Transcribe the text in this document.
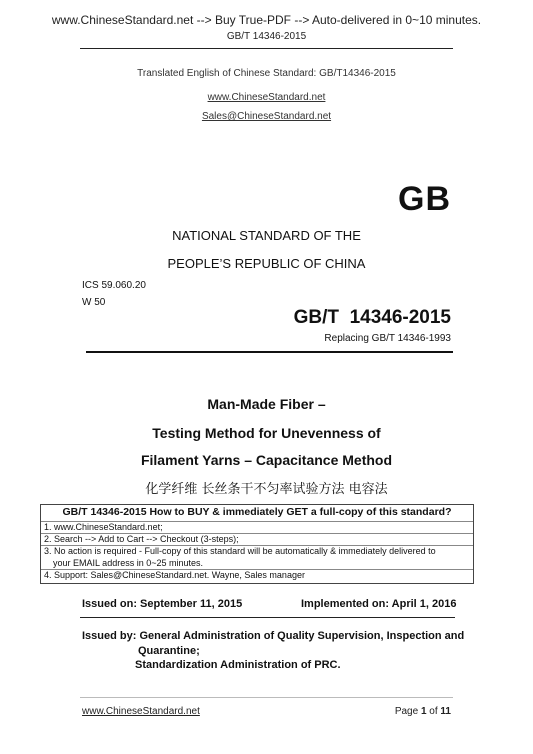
www.ChineseStandard.net --> Buy True-PDF --> Auto-delivered in 0~10 minutes.
GB/T 14346-2015
Translated English of Chinese Standard: GB/T14346-2015
www.ChineseStandard.net
Sales@ChineseStandard.net
GB
NATIONAL STANDARD OF THE
PEOPLE’S REPUBLIC OF CHINA
ICS 59.060.20
W 50
GB/T  14346-2015
Replacing GB/T 14346-1993
Man-Made Fiber –
Testing Method for Unevenness of
Filament Yarns – Capacitance Method
化学纤维 长丝条干不匀率试验方法 电容法
GB/T 14346-2015 How to BUY & immediately GET a full-copy of this standard?
1. www.ChineseStandard.net;
2. Search --> Add to Cart --> Checkout (3-steps);
3. No action is required - Full-copy of this standard will be automatically & immediately delivered to
your EMAIL address in 0~25 minutes.
4. Support: Sales@ChineseStandard.net. Wayne, Sales manager
Issued on: September 11, 2015	Implemented on: April 1, 2016
Issued by: General Administration of Quality Supervision, Inspection and
Quarantine;
Standardization Administration of PRC.
www.ChineseStandard.net	Page 1 of 11
